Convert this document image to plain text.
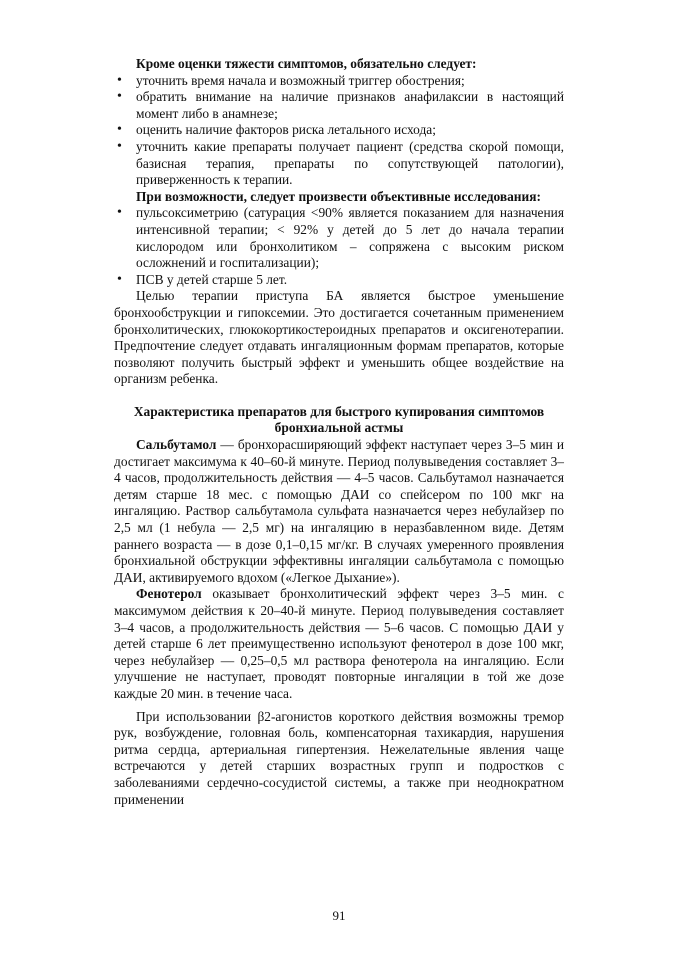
Кроме оценки тяжести симптомов, обязательно следует:

• уточнить время начала и возможный триггер обострения;
• обратить внимание на наличие признаков анафилаксии в настоящий момент либо в анамнезе;
• оценить наличие факторов риска летального исхода;
• уточнить какие препараты получает пациент (средства скорой помощи, базисная терапия, препараты по сопутствующей патологии), приверженность к терапии.

При возможности, следует произвести объективные исследования:

• пульсоксиметрию (сатурация <90% является показанием для назначения интенсивной терапии; < 92% у детей до 5 лет до начала терапии кислородом или бронхолитиком – сопряжена с высоким риском осложнений и госпитализации);
• ПСВ у детей старше 5 лет.

Целью терапии приступа БА является быстрое уменьшение бронхообструкции и гипоксемии. Это достигается сочетанным применением бронхолитических, глюкокортикостероидных препаратов и оксигенотерапии. Предпочтение следует отдавать ингаляционным формам препаратов, которые позволяют получить быстрый эффект и уменьшить общее воздействие на организм ребенка.

Характеристика препаратов для быстрого купирования симптомов бронхиальной астмы

Сальбутамол — бронхорасширяющий эффект наступает через 3–5 мин и достигает максимума к 40–60-й минуте. Период полувыведения составляет 3–4 часов, продолжительность действия — 4–5 часов. Сальбутамол назначается детям старше 18 мес. с помощью ДАИ со спейсером по 100 мкг на ингаляцию. Раствор сальбутамола сульфата назначается через небулайзер по 2,5 мл (1 небула — 2,5 мг) на ингаляцию в неразбавленном виде. Детям раннего возраста — в дозе 0,1–0,15 мг/кг. В случаях умеренного проявления бронхиальной обструкции эффективны ингаляции сальбутамола с помощью ДАИ, активируемого вдохом («Легкое Дыхание»).

Фенотерол оказывает бронхолитический эффект через 3–5 мин. с максимумом действия к 20–40-й минуте. Период полувыведения составляет 3–4 часов, а продолжительность действия — 5–6 часов. С помощью ДАИ у детей старше 6 лет преимущественно используют фенотерол в дозе 100 мкг, через небулайзер — 0,25–0,5 мл раствора фенотерола на ингаляцию. Если улучшение не наступает, проводят повторные ингаляции в той же дозе каждые 20 мин. в течение часа.

При использовании β2-агонистов короткого действия возможны тремор рук, возбуждение, головная боль, компенсаторная тахикардия, нарушения ритма сердца, артериальная гипертензия. Нежелательные явления чаще встречаются у детей старших возрастных групп и подростков с заболеваниями сердечно-сосудистой системы, а также при неоднократном применении

91
